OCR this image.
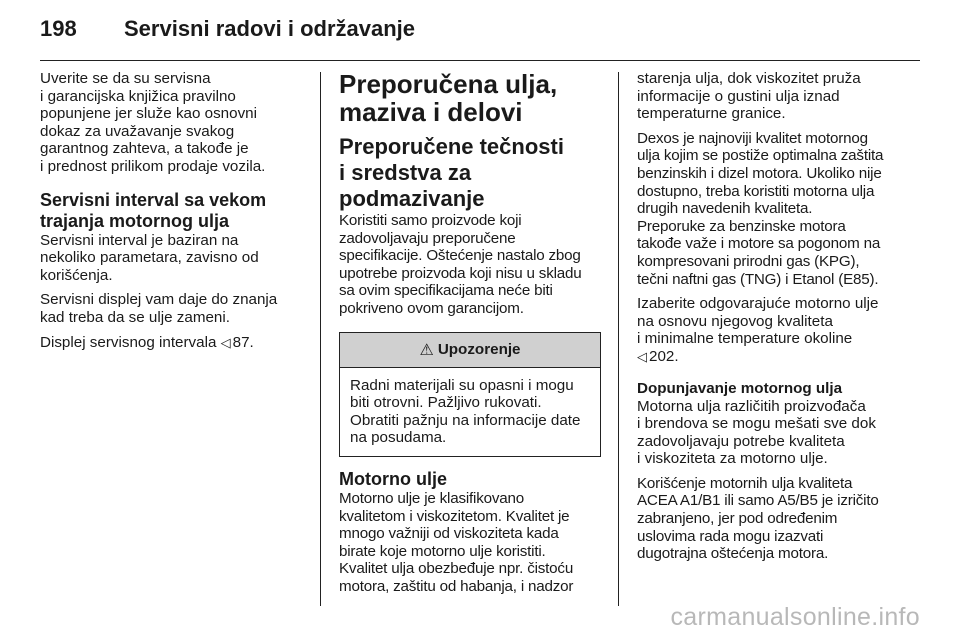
198 Servisni radovi i održavanje

Uverite se da su servisna
i garancijska knjižica pravilno
popunjene jer služe kao osnovni
dokaz za uvažavanje svakog
garantnog zahteva, a takođe je
i prednost prilikom prodaje vozila.

Servisni interval sa vekom
trajanja motornog ulja

Servisni interval je baziran na
nekoliko parametara, zavisno od
korišćenja.

Servisni displej vam daje do znanja
kad treba da se ulje zameni.

Displej servisnog intervala ◁ 87.

Preporučena ulja,
maziva i delovi
Preporučene tečnosti
i sredstva za
podmazivanje

Koristiti samo proizvode koji
zadovoljavaju preporučene
specifikacije. Oštećenje nastalo zbog
upotrebe proizvoda koji nisu u skladu
sa ovim specifikacijama neće biti
pokriveno ovom garancijom.

⚠ Upozorenje
Radni materijali su opasni i mogu
biti otrovni. Pažljivo rukovati.
Obratiti pažnju na informacije date
na posudama.
Motorno ulje

Motorno ulje je klasifikovano
kvalitetom i viskozitetom. Kvalitet je
mnogo važniji od viskoziteta kada
birate koje motorno ulje koristiti.
Kvalitet ulja obezbeđuje npr. čistoću
motora, zaštitu od habanja, i nadzor

starenja ulja, dok viskozitet pruža
informacije o gustini ulja iznad
temperaturne granice.

Dexos je najnoviji kvalitet motornog
ulja kojim se postiže optimalna zaštita
benzinskih i dizel motora. Ukoliko nije
dostupno, treba koristiti motorna ulja
drugih navedenih kvaliteta.
Preporuke za benzinske motora
takođe važe i motore sa pogonom na
kompresovani prirodni gas (KPG),
tečni naftni gas (TNG) i Etanol (E85).

Izaberite odgovarajuće motorno ulje
na osnovu njegovog kvaliteta
i minimalne temperature okoline
◁ 202.

Dopunjavanje motornog ulja

Motorna ulja različitih proizvođača
i brendova se mogu mešati sve dok
zadovoljavaju potrebe kvaliteta
i viskoziteta za motorno ulje.

Korišćenje motornih ulja kvaliteta
ACEA A1/B1 ili samo A5/B5 je izričito
zabranjeno, jer pod određenim
uslovima rada mogu izazvati
dugotrajna oštećenja motora.

carmanualsonline.info
